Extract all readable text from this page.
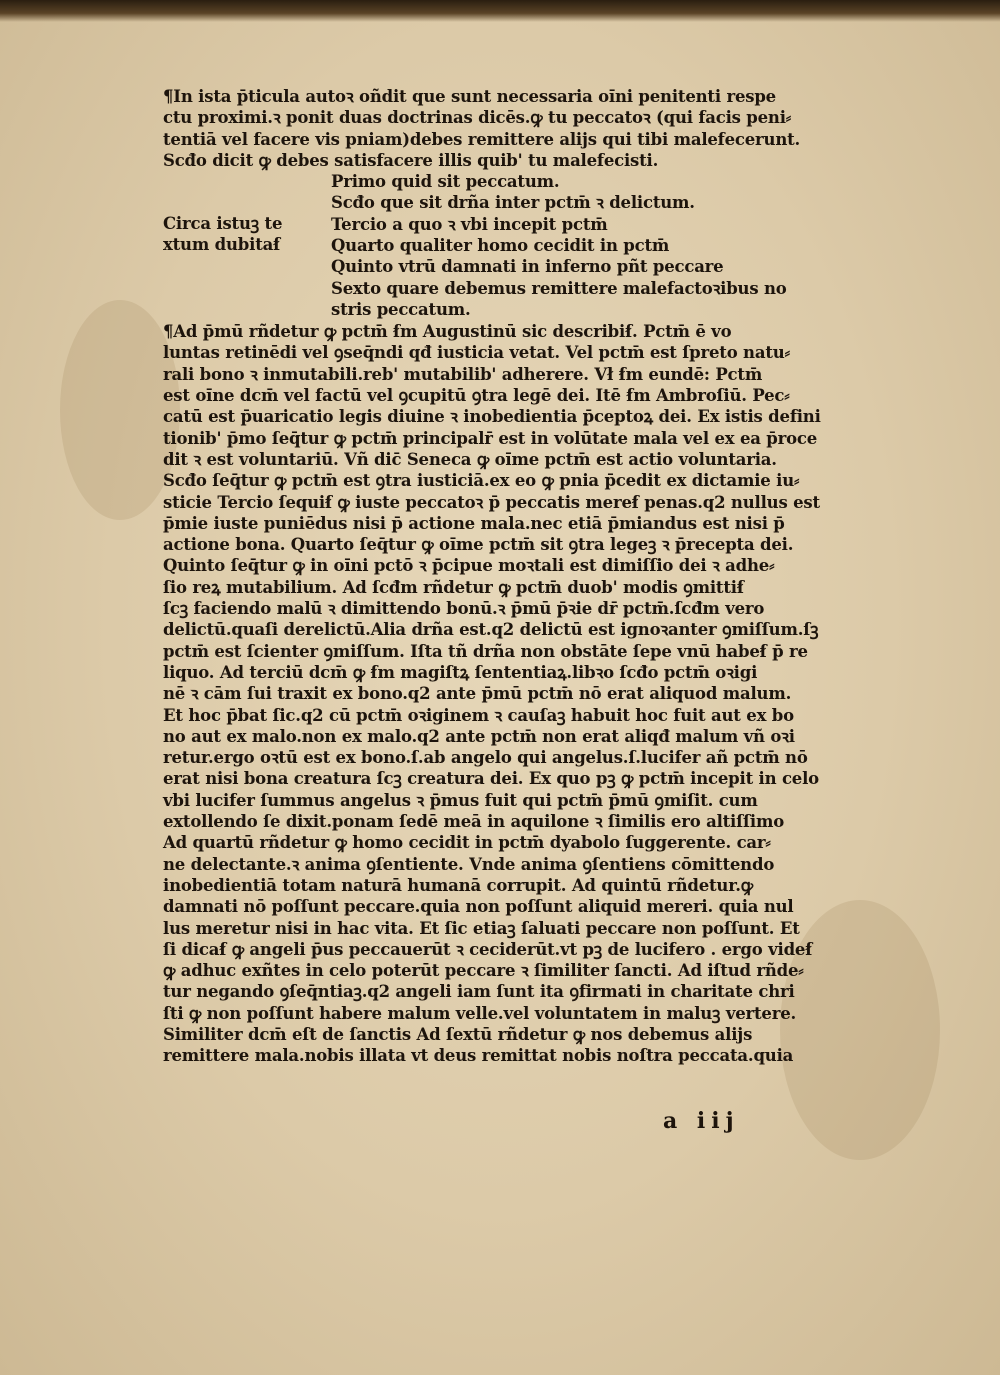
¶In ista p̄ticula autoꝛ oñdit que sunt necessaria oı̄ni penitenti respe
ctu proximi.ꝛ ponit duas doctrinas dicēs.ꝙ tu peccatoꝛ (qui facis peni⸗
tentiā vel facere vis pniam)debes remittere alijs qui tibi malefecerunt.
Scđo dicit ꝙ debes satisfacere illis quib' tu malefecisti.
Circa istuꝫ te
xtum dubitaẜ
Primo quid sit peccatum.
Scđo que sit drña inter pctm̄ ꝛ delictum.
Tercio a quo ꝛ vbi incepit pctm̄
Quarto qualiter homo cecidit in pctm̄
Quinto vtrū damnati in inferno pñt peccare
Sexto quare debemus remittere malefactoꝛibus no
stris peccatum.
¶Ad p̄mū rñdetur ꝙ pctm̄ ẜm Augustinū sic describiẜ. Pctm̄ ē vo
luntas retinēdi vel ꝯseq̄ndi qđ iusticia vetat. Vel pctm̄ est ſpreto natu⸗
rali bono ꝛ inmutabili.reb' mutabilib' adherere. Vł ẜm eundē: Pctm̄
est oı̄ne dcm̄ vel factū vel ꝯcupitū ꝯtra legē dei. Itē ẜm Ambroſiū. Pec⸗
catū est p̄uaricatio legis diuine ꝛ inobedientia p̄ceptoꝝ dei. Ex istis defini
tionib' p̄mo ſeq̄tur ꝙ pctm̄ principalr̄ est in volūtate mala vel ex ea p̄roce
dit ꝛ est voluntariū. Vñ dic̄ Seneca ꝙ oı̄me pctm̄ est actio voluntaria.
Scđo ſeq̄tur ꝙ pctm̄ est ꝯtra iusticiā.ex eo ꝙ pnia p̄cedit ex dictamie iu⸗
sticie Tercio ſequiẜ ꝙ iuste peccatoꝛ p̄ peccatis mereẜ penas.q2 nullus est
p̄mie iuste puniēdus nisi p̄ actione mala.nec etiā p̄miandus est nisi p̄
actione bona. Quarto ſeq̄tur ꝙ oı̄me pctm̄ sit ꝯtra legeꝫ ꝛ p̄recepta dei.
Quinto ſeq̄tur ꝙ in oı̄ni pctō ꝛ p̄cipue moꝛtali est dimiſſio dei ꝛ adhe⸗
ſio reꝝ mutabilium. Ad ſcđm rñdetur ꝙ pctm̄ duob' modis ꝯmittiẜ
ſcꝫ faciendo malū ꝛ dimittendo bonū.ꝛ p̄mū p̄ꝛie dr̄ pctm̄.ſcđm vero
delictū.quaſi derelictū.Alia drña est.q2 delictū est ignoꝛanter ꝯmiſſum.ſꝫ
pctm̄ est ſcienter ꝯmiſſum. Iſta tñ drña non obstāte ſepe vnū habeẜ p̄ re
liquo. Ad terciū dcm̄ ꝙ ẜm magiſtꝝ ſententiaꝝ.libꝛo ſcđo pctm̄ oꝛigi
nē ꝛ cām ſui traxit ex bono.q2 ante p̄mū pctm̄ nō erat aliquod malum.
Et hoc p̄bat ſic.q2 cū pctm̄ oꝛiginem ꝛ cauſaꝫ habuit hoc fuit aut ex bo
no aut ex malo.non ex malo.q2 ante pctm̄ non erat aliqđ malum vñ oꝛi
retur.ergo oꝛtū est ex bono.ſ.ab angelo qui angelus.ſ.lucifer añ pctm̄ nō
erat nisi bona creatura ſcꝫ creatura dei. Ex quo pꝫ ꝙ pctm̄ incepit in celo
vbi lucifer ſummus angelus ꝛ p̄mus fuit qui pctm̄ p̄mū ꝯmiſit. cum
extollendo ſe dixit.ponam ſedē meā in aquilone ꝛ ſimilis ero altiſſimo
Ad quartū rñdetur ꝙ homo cecidit in pctm̄ dyabolo ſuggerente. car⸗
ne delectante.ꝛ anima ꝯſentiente. Vnde anima ꝯſentiens cōmittendo
inobedientiā totam naturā humanā corrupit. Ad quintū rñdetur.ꝙ
damnati nō poſſunt peccare.quia non poſſunt aliquid mereri. quia nul
lus meretur nisi in hac vita. Et ſic etiaꝫ ſaluati peccare non poſſunt. Et
ſi dicaẜ ꝙ angeli p̄us peccauerūt ꝛ ceciderūt.vt pꝫ de lucifero . ergo videẜ
ꝙ adhuc exñtes in celo poterūt peccare ꝛ ſimiliter ſancti. Ad iſtud rñde⸗
tur negando ꝯſeq̄ntiaꝫ.q2 angeli iam ſunt ita ꝯfirmati in charitate chri
ſti ꝙ non poſſunt habere malum velle.vel voluntatem in maluꝫ vertere.
Similiter dcm̄ eſt de ſanctis Ad ſextū rñdetur ꝙ nos debemus alijs
remittere mala.nobis illata vt deus remittat nobis noſtra peccata.quia
a iij
